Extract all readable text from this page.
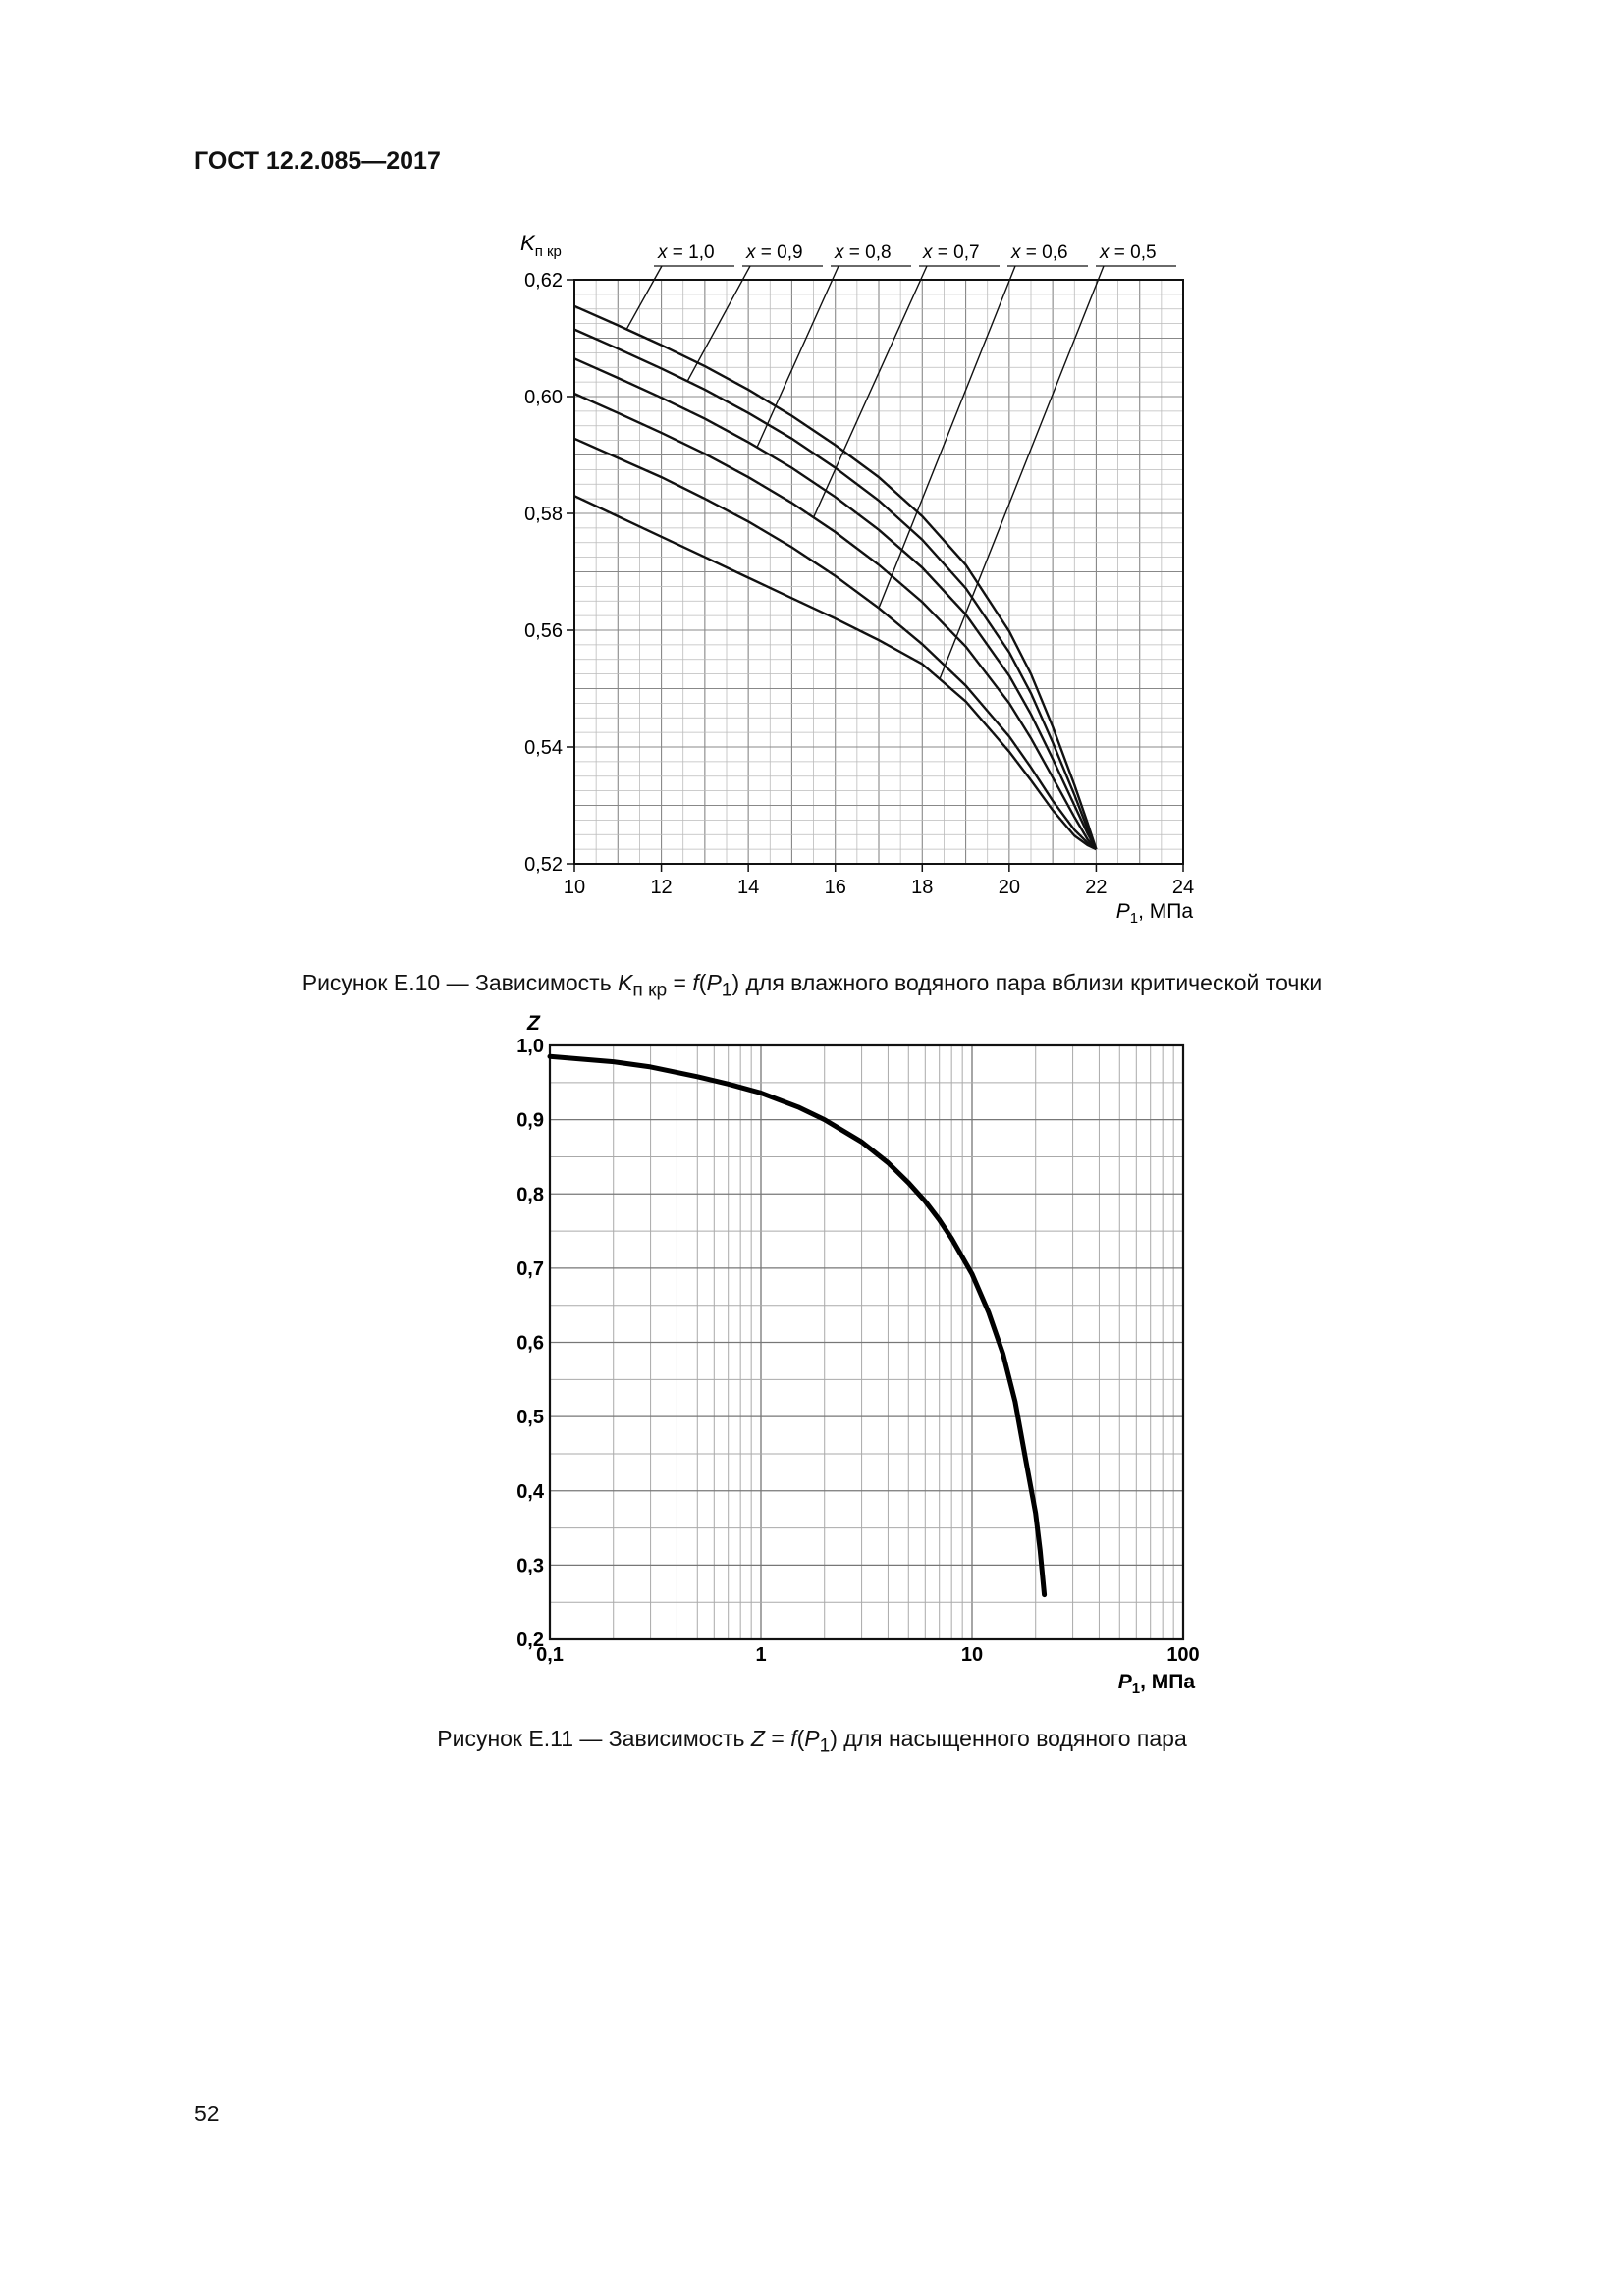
ГОСТ 12.2.085—2017
10	12	14	16	18	20	22	24
0,52
0,54
0,56
0,58
0,60
0,62
$K_{п кр}$
$P_1$, МПа
x = 1,0 x = 0,9 x = 0,8 x = 0,7 x = 0,6 x = 0,5
Рисунок Е.10 — Зависимость $K_{п кр} = f(P_1)$ для влажного водяного пара вблизи критической точки
0,1	1	10	100
0,2
0,3
0,4
0,5
0,6
0,7
0,8
0,9
1,0
Z
$P_1$, МПа
Рисунок Е.11 — Зависимость $Z = f(P_1)$ для насыщенного водяного пара
52
